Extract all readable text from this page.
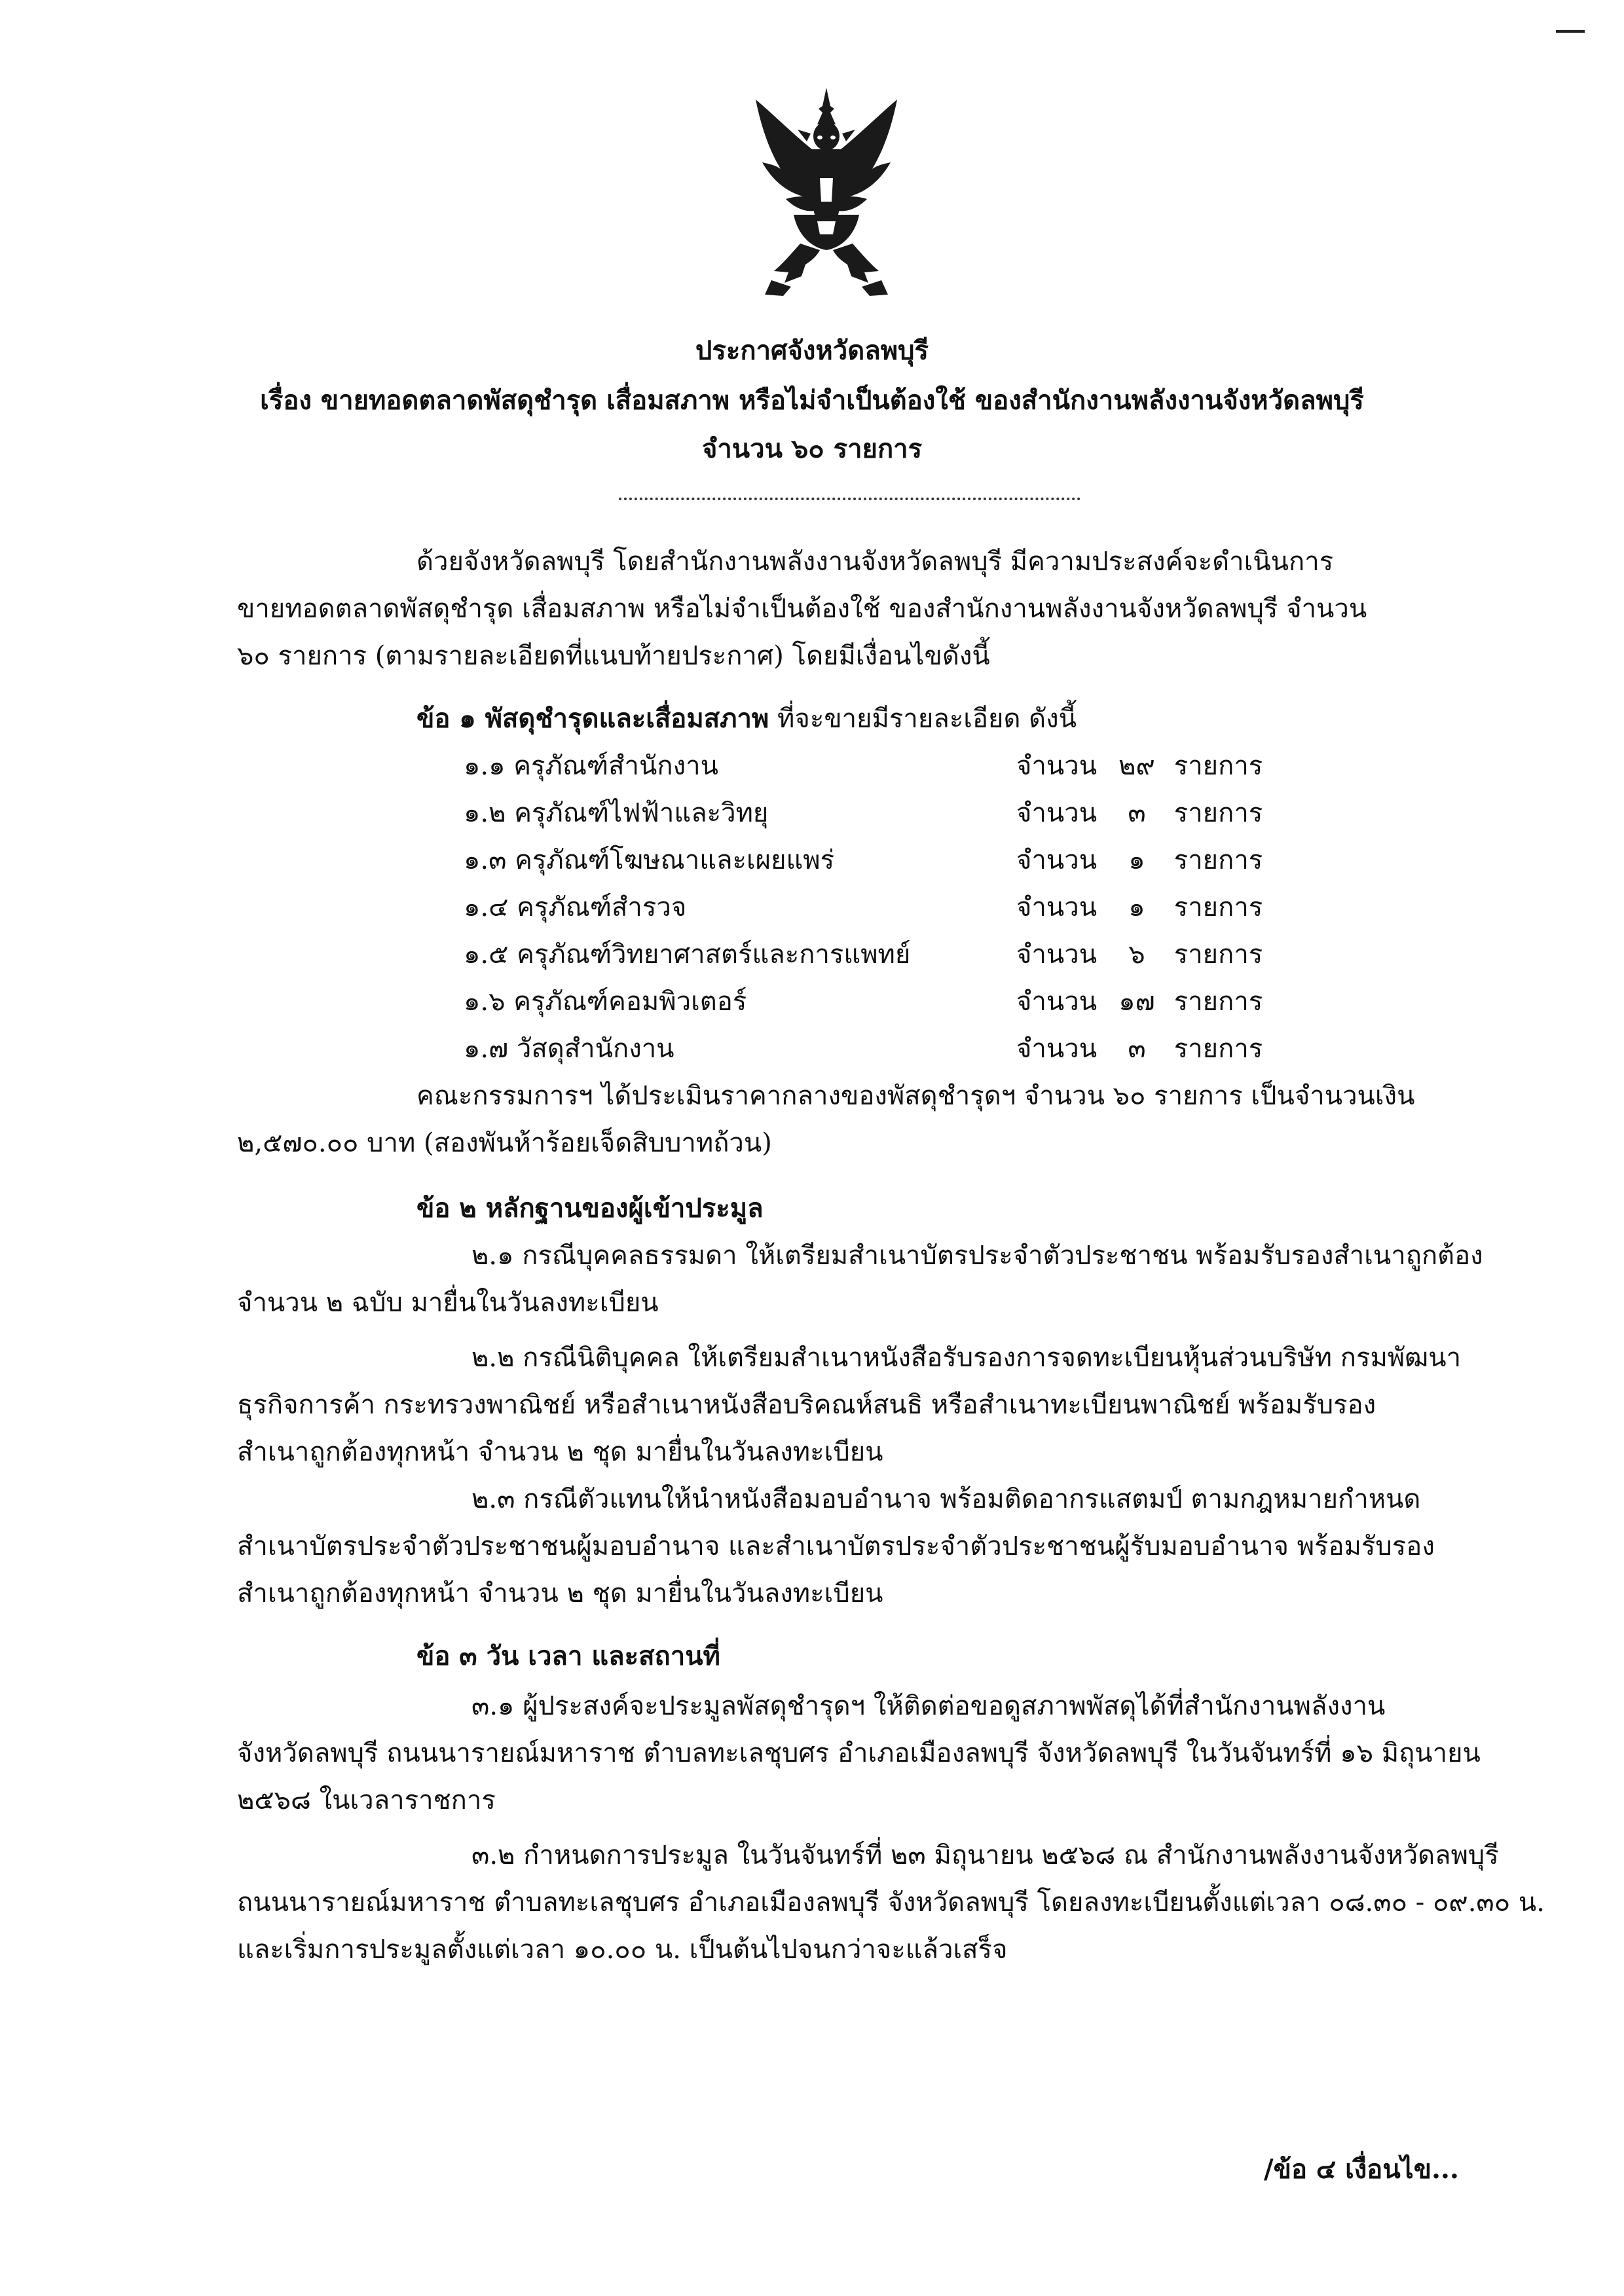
ประกาศจังหวัดลพบุรี
เรื่อง ขายทอดตลาดพัสดุชำรุด เสื่อมสภาพ หรือไม่จำเป็นต้องใช้ ของสำนักงานพลังงานจังหวัดลพบุรี
จำนวน ๖๐ รายการ
ด้วยจังหวัดลพบุรี โดยสำนักงานพลังงานจังหวัดลพบุรี มีความประสงค์จะดำเนินการ
ขายทอดตลาดพัสดุชำรุด เสื่อมสภาพ หรือไม่จำเป็นต้องใช้ ของสำนักงานพลังงานจังหวัดลพบุรี จำนวน
๖๐ รายการ (ตามรายละเอียดที่แนบท้ายประกาศ) โดยมีเงื่อนไขดังนี้
ข้อ ๑ พัสดุชำรุดและเสื่อมสภาพ ที่จะขายมีรายละเอียด ดังนี้
๑.๑ ครุภัณฑ์สำนักงาน	จำนวน ๒๙ รายการ
๑.๒ ครุภัณฑ์ไฟฟ้าและวิทยุ	จำนวน ๓ รายการ
๑.๓ ครุภัณฑ์โฆษณาและเผยแพร่	จำนวน ๑ รายการ
๑.๔ ครุภัณฑ์สำรวจ	จำนวน ๑ รายการ
๑.๕ ครุภัณฑ์วิทยาศาสตร์และการแพทย์	จำนวน ๖ รายการ
๑.๖ ครุภัณฑ์คอมพิวเตอร์	จำนวน ๑๗ รายการ
๑.๗ วัสดุสำนักงาน	จำนวน ๓ รายการ
คณะกรรมการฯ ได้ประเมินราคากลางของพัสดุชำรุดฯ จำนวน ๖๐ รายการ เป็นจำนวนเงิน
๒,๕๗๐.๐๐ บาท (สองพันห้าร้อยเจ็ดสิบบาทถ้วน)
ข้อ ๒ หลักฐานของผู้เข้าประมูล
๒.๑ กรณีบุคคลธรรมดา ให้เตรียมสำเนาบัตรประจำตัวประชาชน พร้อมรับรองสำเนาถูกต้อง
จำนวน ๒ ฉบับ มายื่นในวันลงทะเบียน
๒.๒ กรณีนิติบุคคล ให้เตรียมสำเนาหนังสือรับรองการจดทะเบียนหุ้นส่วนบริษัท กรมพัฒนา
ธุรกิจการค้า กระทรวงพาณิชย์ หรือสำเนาหนังสือบริคณห์สนธิ หรือสำเนาทะเบียนพาณิชย์ พร้อมรับรอง
สำเนาถูกต้องทุกหน้า จำนวน ๒ ชุด มายื่นในวันลงทะเบียน
๒.๓ กรณีตัวแทนให้นำหนังสือมอบอำนาจ พร้อมติดอากรแสตมป์ ตามกฎหมายกำหนด
สำเนาบัตรประจำตัวประชาชนผู้มอบอำนาจ และสำเนาบัตรประจำตัวประชาชนผู้รับมอบอำนาจ พร้อมรับรอง
สำเนาถูกต้องทุกหน้า จำนวน ๒ ชุด มายื่นในวันลงทะเบียน
ข้อ ๓ วัน เวลา และสถานที่
๓.๑ ผู้ประสงค์จะประมูลพัสดุชำรุดฯ ให้ติดต่อขอดูสภาพพัสดุได้ที่สำนักงานพลังงาน
จังหวัดลพบุรี ถนนนารายณ์มหาราช ตำบลทะเลชุบศร อำเภอเมืองลพบุรี จังหวัดลพบุรี ในวันจันทร์ที่ ๑๖ มิถุนายน
๒๕๖๘ ในเวลาราชการ
๓.๒ กำหนดการประมูล ในวันจันทร์ที่ ๒๓ มิถุนายน ๒๕๖๘ ณ สำนักงานพลังงานจังหวัดลพบุรี
ถนนนารายณ์มหาราช ตำบลทะเลชุบศร อำเภอเมืองลพบุรี จังหวัดลพบุรี โดยลงทะเบียนตั้งแต่เวลา ๐๘.๓๐ - ๐๙.๓๐ น.
และเริ่มการประมูลตั้งแต่เวลา ๑๐.๐๐ น. เป็นต้นไปจนกว่าจะแล้วเสร็จ
/ข้อ ๔ เงื่อนไข...
